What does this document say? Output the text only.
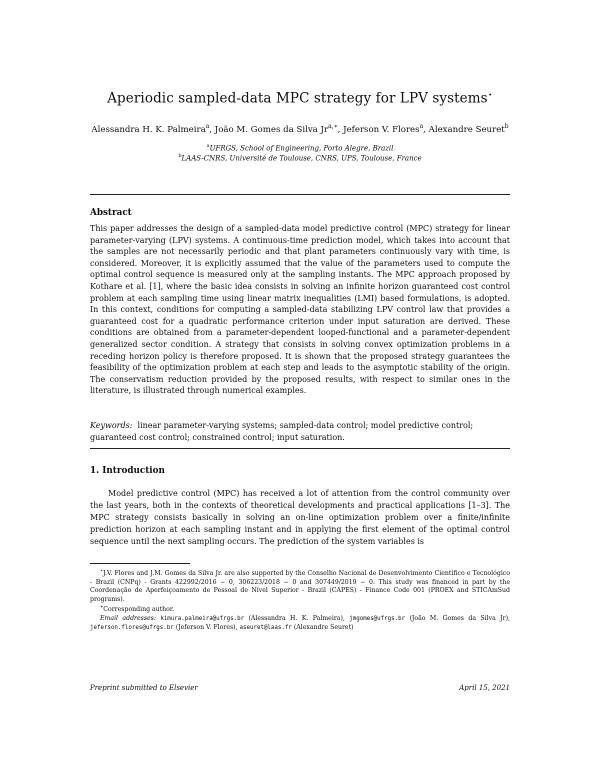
Aperiodic sampled-data MPC strategy for LPV systems⋆
Alessandra H. K. Palmeira$^a$, João M. Gomes da Silva $Jr^{a,∗}$, Jeferson V. Flores$^a$, Alexandre Seuret$^b$
$^a$UFRGS, School of Engineering, Porto Alegre, Brazil
$^b$LAAS-CNRS, Université de Toulouse, CNRS, UPS, Toulouse, France
Abstract
This paper addresses the design of a sampled-data model predictive control (MPC) strategy for linear parameter-varying (LPV) systems. A continuous-time prediction model, which takes into account that the samples are not necessarily periodic and that plant parameters continuously vary with time, is considered. Moreover, it is explicitly assumed that the value of the parameters used to compute the optimal control sequence is measured only at the sampling instants. The MPC approach proposed by Kothare et al. [1], where the basic idea consists in solving an infinite horizon guaranteed cost control problem at each sampling time using linear matrix inequalities (LMI) based formulations, is adopted. In this context, conditions for computing a sampled-data stabilizing LPV control law that provides a guaranteed cost for a quadratic performance criterion under input saturation are derived. These conditions are obtained from a parameter-dependent looped-functional and a parameter-dependent generalized sector condition. A strategy that consists in solving convex optimization problems in a receding horizon policy is therefore proposed. It is shown that the proposed strategy guarantees the feasibility of the optimization problem at each step and leads to the asymptotic stability of the origin. The conservatism reduction provided by the proposed results, with respect to similar ones in the literature, is illustrated through numerical examples.
Keywords: linear parameter-varying systems; sampled-data control; model predictive control; guaranteed cost control; constrained control; input saturation.
1. Introduction
Model predictive control (MPC) has received a lot of attention from the control community over the last years, both in the contexts of theoretical developments and practical applications [1–3]. The MPC strategy consists basically in solving an on-line optimization problem over a finite/infinite prediction horizon at each sampling instant and in applying the first element of the optimal control sequence until the next sampling occurs. The prediction of the system variables is

⋆J.V. Flores and J.M. Gomes da Silva Jr. are also supported by the Conselho Nacional de Desenvolvimento Científico e Tecnológico - Brazil (CNPq) - Grants 422992/2016 − 0, 306223/2018 − 0 and 307449/2019 − 0. This study was financed in part by the Coordenação de Aperfeiçoamento de Pessoal de Nível Superior - Brazil (CAPES) - Finance Code 001 (PROEX and STICAmSud programs).

∗Corresponding author.

Email addresses: kimura.palmeira@ufrgs.br (Alessandra H. K. Palmeira), jmgomes@ufrgs.br (João M. Gomes da Silva Jr), jeferson.flores@ufrgs.br (Jeferson V. Flores), aseuret@laas.fr (Alexandre Seuret)

Preprint submitted to Elsevier	April 15, 2021
